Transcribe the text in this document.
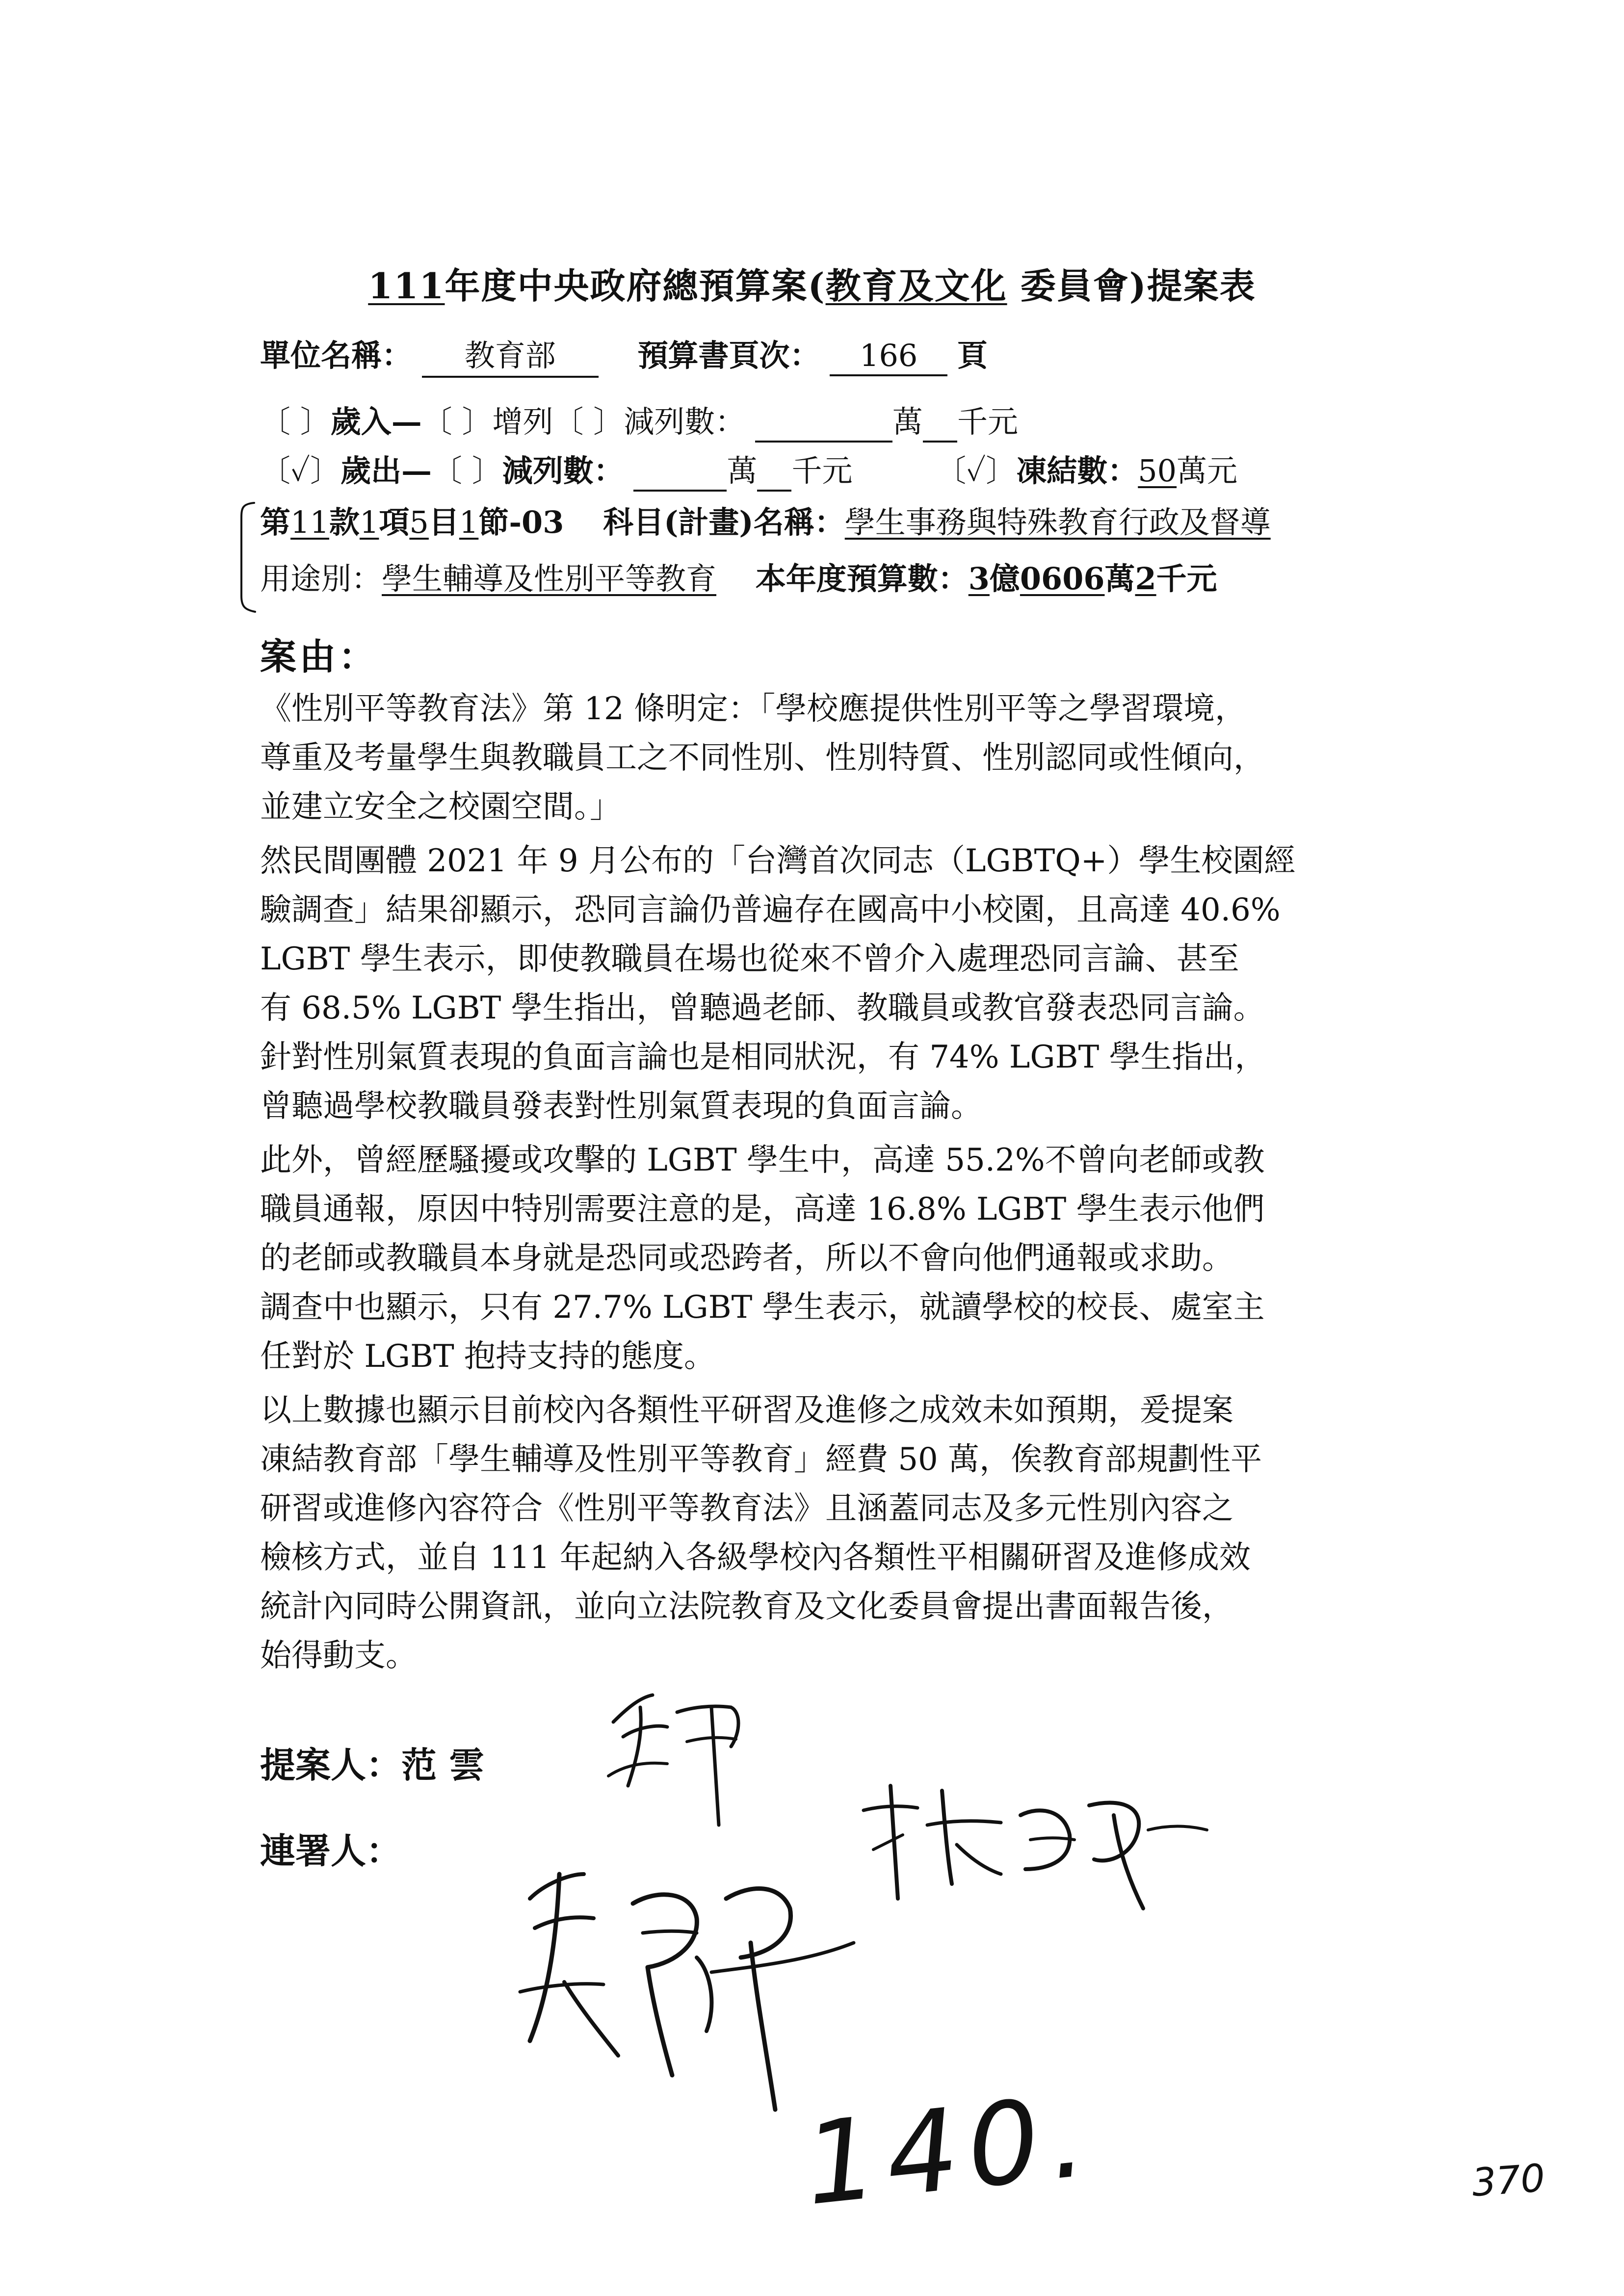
111年度中央政府總預算案(教育及文化 委員會)提案表
單位名稱： 教育部	預算書頁次： 166 頁
〔 〕歲入—〔 〕增列〔 〕減列數：	萬 千元
〔✓〕歲出—〔 〕減列數：	萬 千元	〔✓〕凍結數：50萬元
第11款1項5目1節-03 科目(計畫)名稱：學生事務與特殊教育行政及督導
用途別：學生輔導及性別平等教育 本年度預算數：3億0606萬2千元
案由：

《性別平等教育法》第 12 條明定：「學校應提供性別平等之學習環境，

尊重及考量學生與教職員工之不同性別、性別特質、性別認同或性傾向，

並建立安全之校園空間。」

然民間團體 2021 年 9 月公布的「台灣首次同志（LGBTQ+）學生校園經

驗調查」結果卻顯示，恐同言論仍普遍存在國高中小校園，且高達 40.6%

LGBT 學生表示，即使教職員在場也從來不曾介入處理恐同言論、甚至

有 68.5% LGBT 學生指出，曾聽過老師、教職員或教官發表恐同言論。

針對性別氣質表現的負面言論也是相同狀況，有 74% LGBT 學生指出，

曾聽過學校教職員發表對性別氣質表現的負面言論。

此外，曾經歷騷擾或攻擊的 LGBT 學生中，高達 55.2%不曾向老師或教

職員通報，原因中特別需要注意的是，高達 16.8% LGBT 學生表示他們

的老師或教職員本身就是恐同或恐跨者，所以不會向他們通報或求助。

調查中也顯示，只有 27.7% LGBT 學生表示，就讀學校的校長、處室主

任對於 LGBT 抱持支持的態度。

以上數據也顯示目前校內各類性平研習及進修之成效未如預期，爰提案

凍結教育部「學生輔導及性別平等教育」經費 50 萬，俟教育部規劃性平

研習或進修內容符合《性別平等教育法》且涵蓋同志及多元性別內容之

檢核方式，並自 111 年起納入各級學校內各類性平相關研習及進修成效

統計內同時公開資訊，並向立法院教育及文化委員會提出書面報告後，

始得動支。

提案人：范 雲
連署人：
140.	370
